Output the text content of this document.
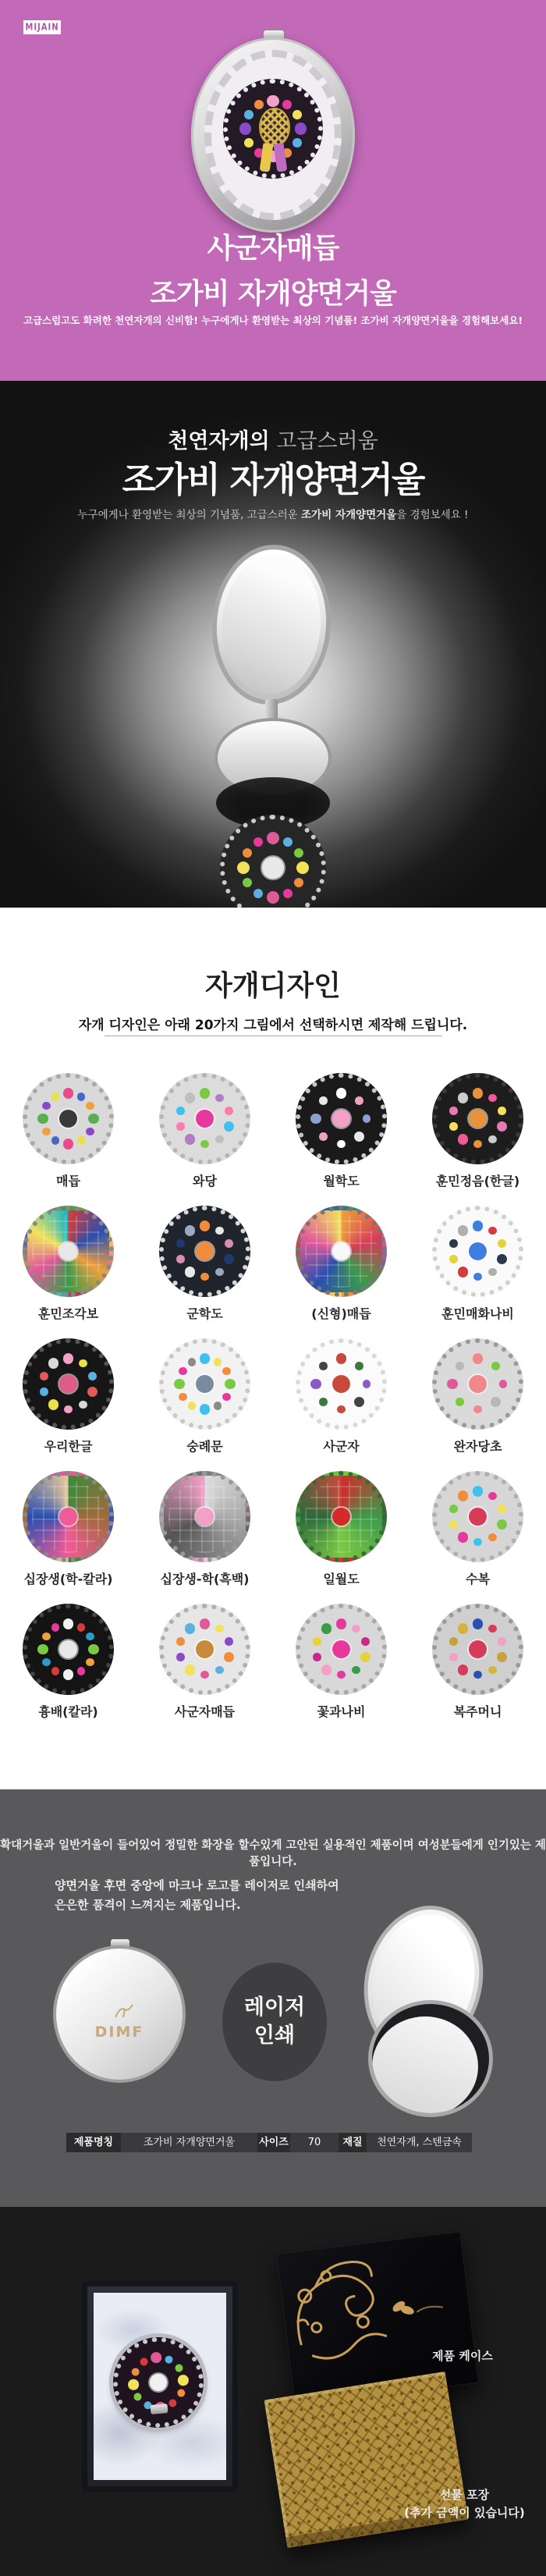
MIJAIN
사군자매듭
조가비 자개양면거울
고급스럽고도 화려한 천연자개의 신비함! 누구에게나 환영받는 최상의 기념품! 조가비 자개양면거울을 경험해보세요!
천연자개의 고급스러움
조가비 자개양면거울
누구에게나 환영받는 최상의 기념품, 고급스러운 조가비 자개양면거울을 경험보세요 !
자개디자인
자개 디자인은 아래 20가지 그림에서 선택하시면 제작해 드립니다.
매듭	와당	월학도	훈민정음(한글)
훈민조각보	군학도	(신형)매듭	훈민매화나비
우리한글	숭례문	사군자	완자당초
십장생(학-칼라)	십장생-학(흑백)	일월도	수복
흉배(칼라)	사군자매듭	꽃과나비	복주머니
확대거울과 일반거울이 들어있어 정밀한 화장을 할수있게 고안된 실용적인 제품이며 여성분들에게 인기있는 제품입니다.
양면거울 후면 중앙에 마크나 로고를 레이저로 인쇄하여
은은한 품격이 느껴지는 제품입니다.
DIMF
레이저
인쇄
제품명칭	조가비 자개양면거울	사이즈	70	재질	천연자개, 스텐금속
제품 케이스
선물 포장
(추가 금액이 있습니다)
